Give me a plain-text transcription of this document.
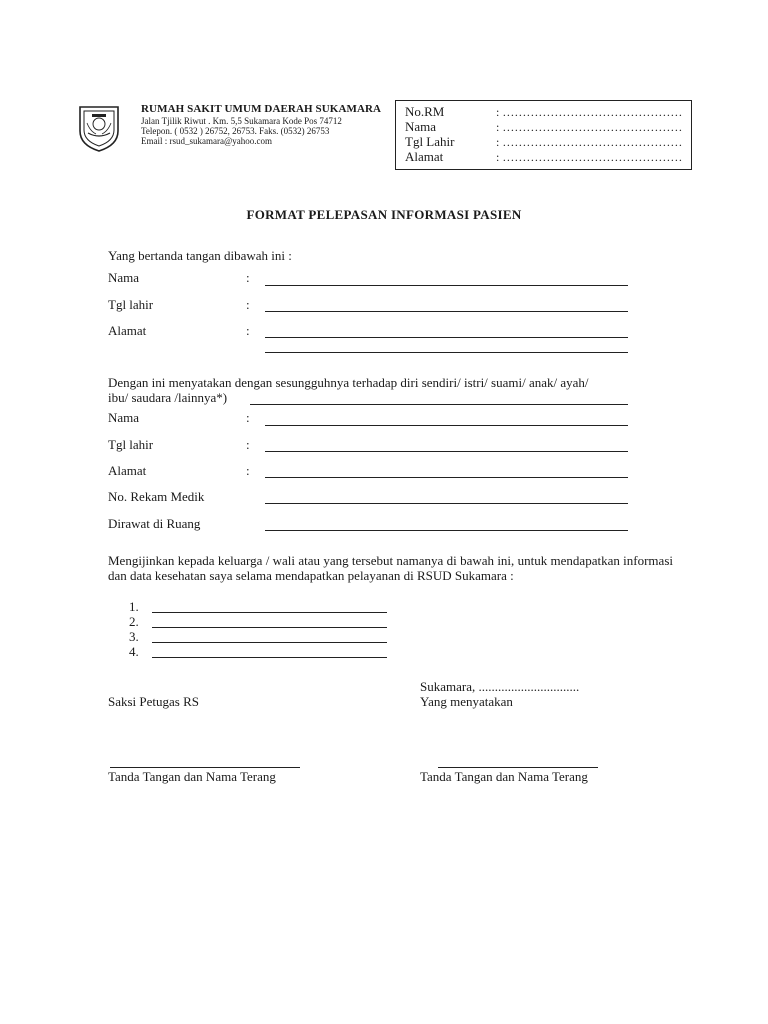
RUMAH SAKIT UMUM DAERAH SUKAMARA
Jalan Tjilik Riwut . Km. 5,5 Sukamara Kode Pos 74712
Telepon. ( 0532 ) 26752, 26753. Faks. (0532) 26753
Email : rsud_sukamara@yahoo.com
No.RM	: ………………………………………
Nama	: ………………………………………
Tgl Lahir	: ………………………………………
Alamat	: ………………………………………
FORMAT PELEPASAN INFORMASI PASIEN
Yang bertanda tangan dibawah ini :
Nama	:
Tgl lahir	:
Alamat	:
Dengan ini menyatakan dengan sesungguhnya terhadap diri sendiri/ istri/ suami/ anak/ ayah/
ibu/ saudara /lainnya*)
Nama	:
Tgl lahir	:
Alamat	:
No. Rekam Medik
Dirawat di Ruang
Mengijinkan kepada keluarga / wali atau yang tersebut namanya di bawah ini, untuk mendapatkan informasi dan data kesehatan saya selama mendapatkan pelayanan di RSUD Sukamara :
1.
2.
3.
4.
Sukamara, ...............................
Saksi Petugas RS	Yang menyatakan
Tanda Tangan dan Nama Terang	Tanda Tangan dan Nama Terang
